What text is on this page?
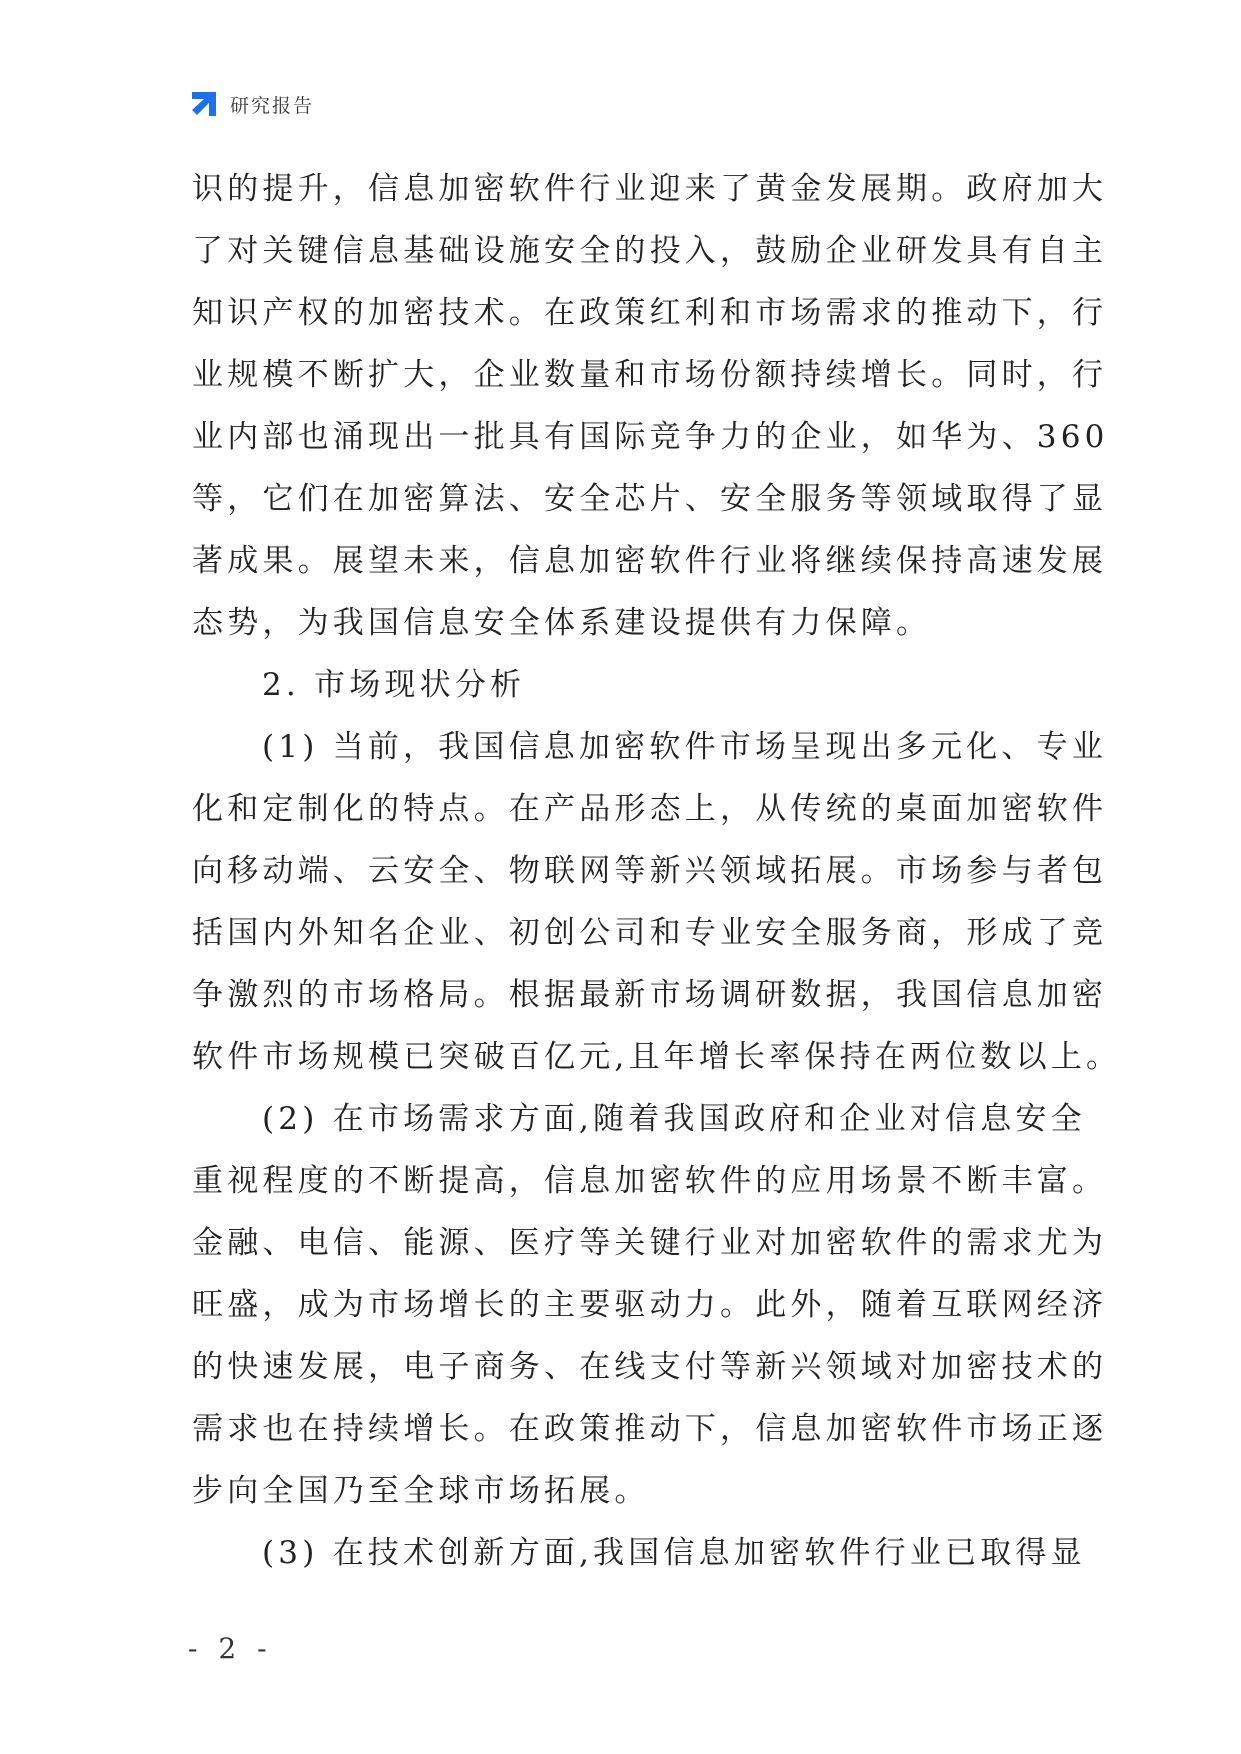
研究报告
识的提升，信息加密软件行业迎来了黄金发展期。政府加大
了对关键信息基础设施安全的投入，鼓励企业研发具有自主
知识产权的加密技术。在政策红利和市场需求的推动下，行
业规模不断扩大，企业数量和市场份额持续增长。同时，行
业内部也涌现出一批具有国际竞争力的企业，如华为、360
等，它们在加密算法、安全芯片、安全服务等领域取得了显
著成果。展望未来，信息加密软件行业将继续保持高速发展
态势，为我国信息安全体系建设提供有力保障。
2. 市场现状分析
(1) 当前，我国信息加密软件市场呈现出多元化、专业
化和定制化的特点。在产品形态上，从传统的桌面加密软件
向移动端、云安全、物联网等新兴领域拓展。市场参与者包
括国内外知名企业、初创公司和专业安全服务商，形成了竞
争激烈的市场格局。根据最新市场调研数据，我国信息加密
软件市场规模已突破百亿元,且年增长率保持在两位数以上。
(2) 在市场需求方面,随着我国政府和企业对信息安全
重视程度的不断提高，信息加密软件的应用场景不断丰富。
金融、电信、能源、医疗等关键行业对加密软件的需求尤为
旺盛，成为市场增长的主要驱动力。此外，随着互联网经济
的快速发展，电子商务、在线支付等新兴领域对加密技术的
需求也在持续增长。在政策推动下，信息加密软件市场正逐
步向全国乃至全球市场拓展。
(3) 在技术创新方面,我国信息加密软件行业已取得显
- 2 -
